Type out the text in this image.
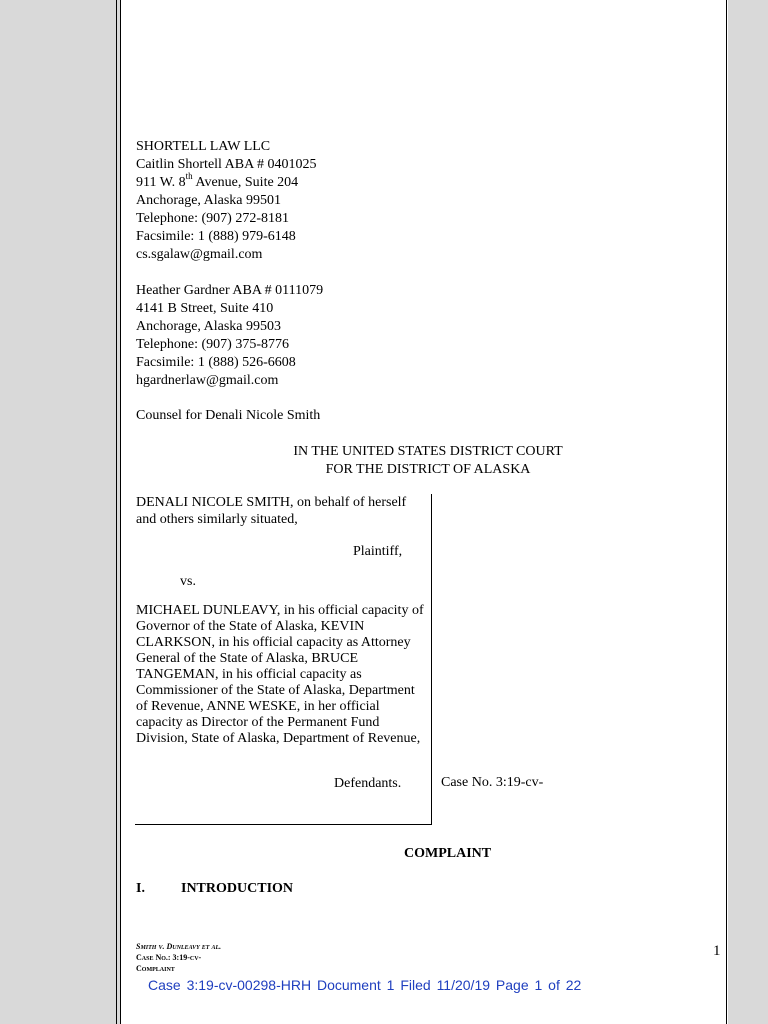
SHORTELL LAW LLC
Caitlin Shortell ABA # 0401025
911 W. 8th Avenue, Suite 204
Anchorage, Alaska 99501
Telephone: (907) 272-8181
Facsimile: 1 (888) 979-6148
cs.sgalaw@gmail.com
Heather Gardner ABA # 0111079
4141 B Street, Suite 410
Anchorage, Alaska 99503
Telephone: (907) 375-8776
Facsimile: 1 (888) 526-6608
hgardnerlaw@gmail.com
Counsel for Denali Nicole Smith
IN THE UNITED STATES DISTRICT COURT
FOR THE DISTRICT OF ALASKA
DENALI NICOLE SMITH, on behalf of herself
and others similarly situated,
Plaintiff,
vs.
MICHAEL DUNLEAVY, in his official capacity of Governor of the State of Alaska, KEVIN CLARKSON, in his official capacity as Attorney General of the State of Alaska, BRUCE TANGEMAN, in his official capacity as Commissioner of the State of Alaska, Department of Revenue, ANNE WESKE, in her official capacity as Director of the Permanent Fund Division, State of Alaska, Department of Revenue,
Defendants.	Case No. 3:19-cv-
COMPLAINT
I.	INTRODUCTION
Smith v. Dunleavy et al.
Case No.: 3:19-cv-
Complaint
1
Case 3:19-cv-00298-HRH Document 1 Filed 11/20/19 Page 1 of 22
